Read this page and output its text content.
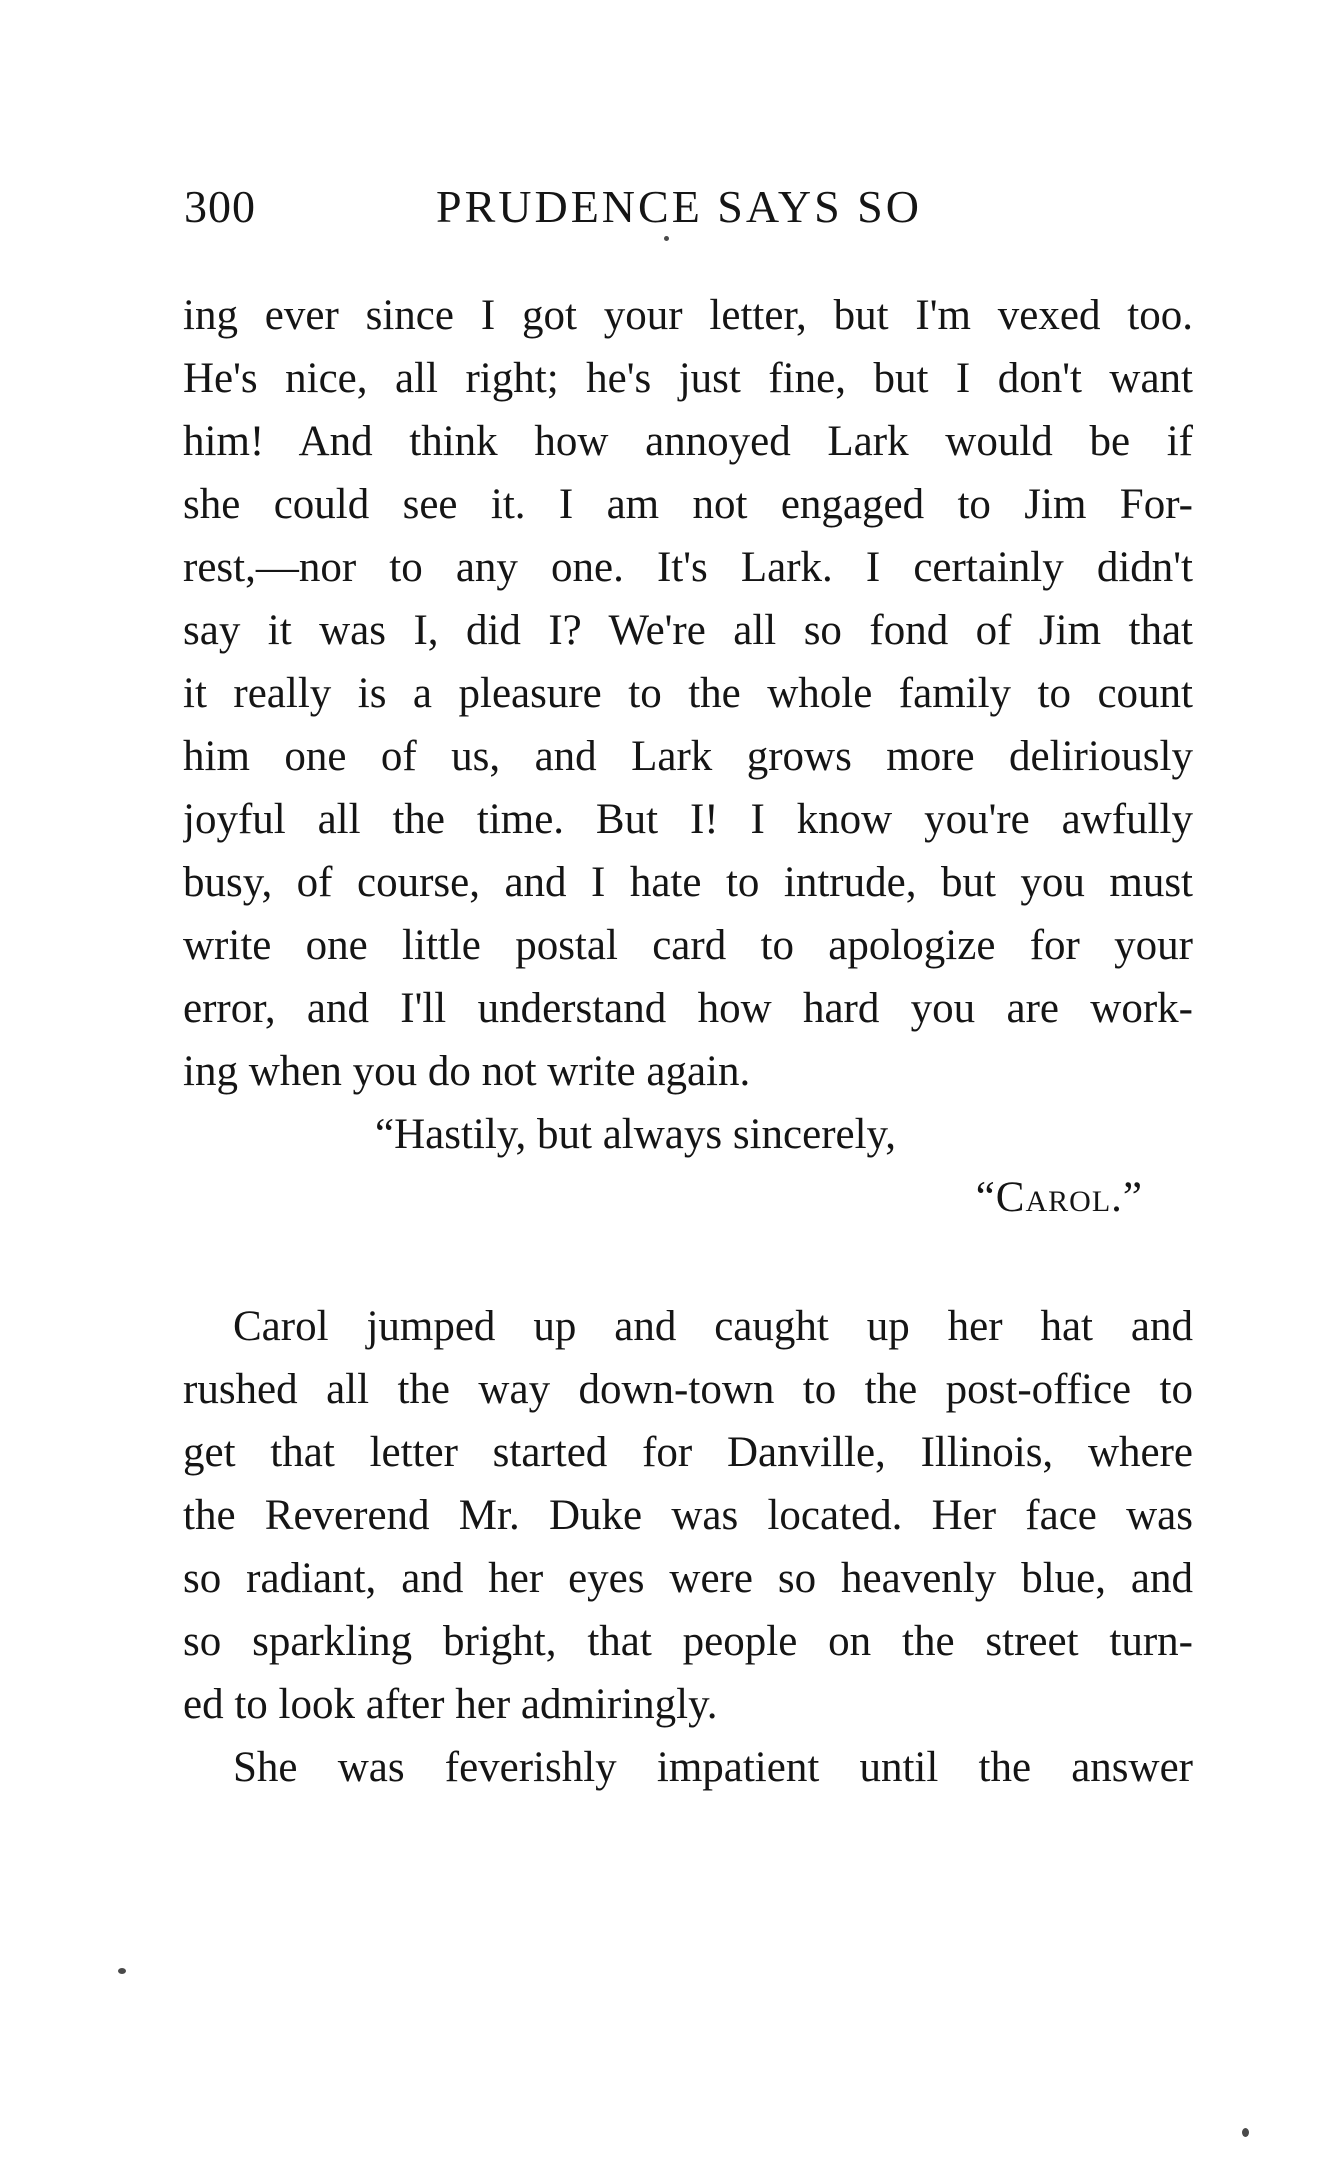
300	PRUDENCE SAYS SO
ing ever since I got your letter, but I'm vexed too.
He's nice, all right; he's just fine, but I don't want
him! And think how annoyed Lark would be if
she could see it. I am not engaged to Jim For-
rest,—nor to any one. It's Lark. I certainly didn't
say it was I, did I? We're all so fond of Jim that
it really is a pleasure to the whole family to count
him one of us, and Lark grows more deliriously
joyful all the time. But I! I know you're awfully
busy, of course, and I hate to intrude, but you must
write one little postal card to apologize for your
error, and I'll understand how hard you are work-
ing when you do not write again.
“Hastily, but always sincerely,
“Carol.”
Carol jumped up and caught up her hat and
rushed all the way down-town to the post-office to
get that letter started for Danville, Illinois, where
the Reverend Mr. Duke was located. Her face was
so radiant, and her eyes were so heavenly blue, and
so sparkling bright, that people on the street turn-
ed to look after her admiringly.
She was feverishly impatient until the answer
